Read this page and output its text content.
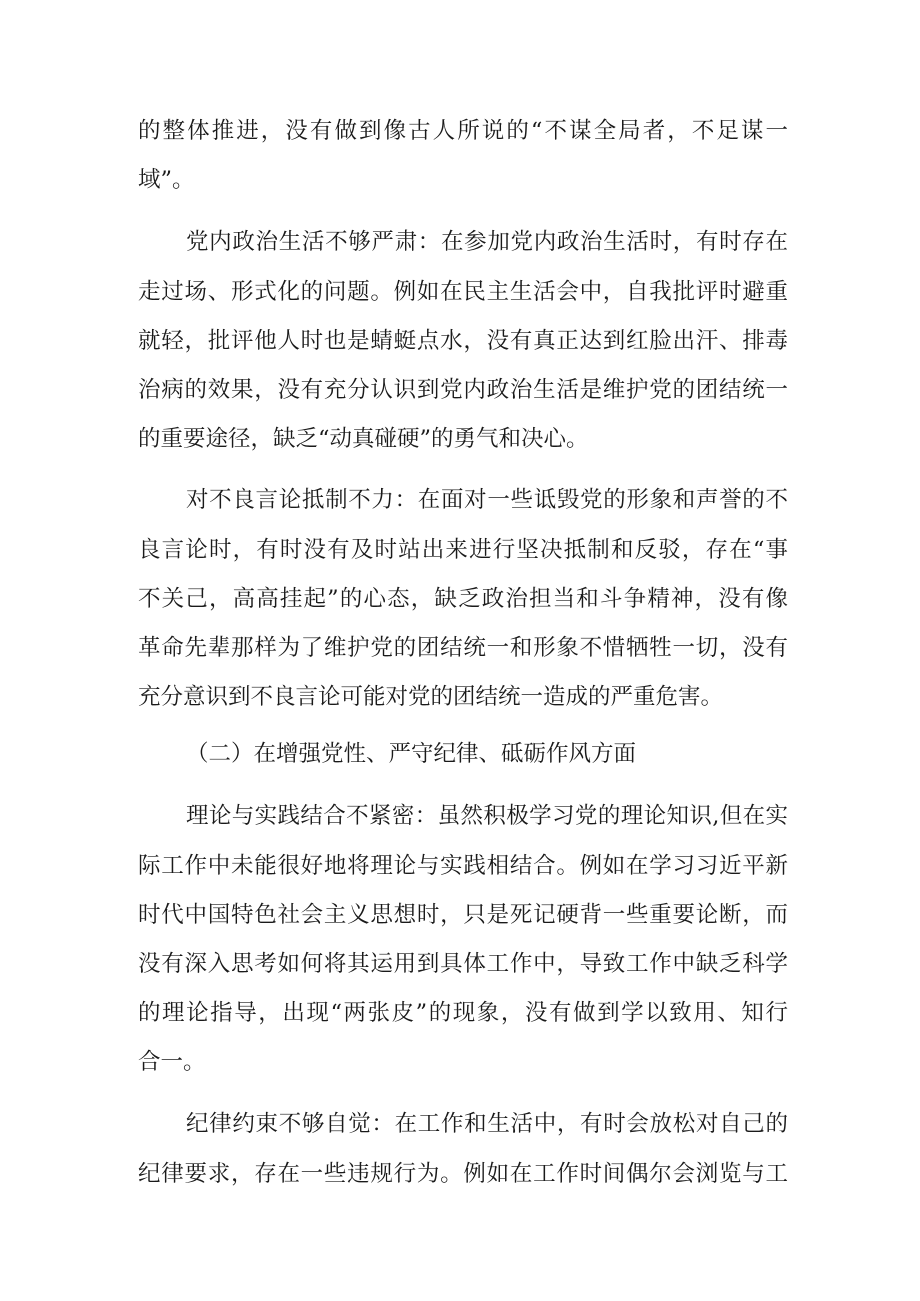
的整体推进，没有做到像古人所说的“不谋全局者，不足谋一

域”。

党内政治生活不够严肃：在参加党内政治生活时，有时存在

走过场、形式化的问题。例如在民主生活会中，自我批评时避重

就轻，批评他人时也是蜻蜓点水，没有真正达到红脸出汗、排毒

治病的效果，没有充分认识到党内政治生活是维护党的团结统一

的重要途径，缺乏“动真碰硬”的勇气和决心。

对不良言论抵制不力：在面对一些诋毁党的形象和声誉的不

良言论时，有时没有及时站出来进行坚决抵制和反驳，存在“事

不关己，高高挂起”的心态，缺乏政治担当和斗争精神，没有像

革命先辈那样为了维护党的团结统一和形象不惜牺牲一切，没有

充分意识到不良言论可能对党的团结统一造成的严重危害。

（二）在增强党性、严守纪律、砥砺作风方面

理论与实践结合不紧密：虽然积极学习党的理论知识,但在实

际工作中未能很好地将理论与实践相结合。例如在学习习近平新

时代中国特色社会主义思想时，只是死记硬背一些重要论断，而

没有深入思考如何将其运用到具体工作中，导致工作中缺乏科学

的理论指导，出现“两张皮”的现象，没有做到学以致用、知行

合一。

纪律约束不够自觉：在工作和生活中，有时会放松对自己的

纪律要求，存在一些违规行为。例如在工作时间偶尔会浏览与工
